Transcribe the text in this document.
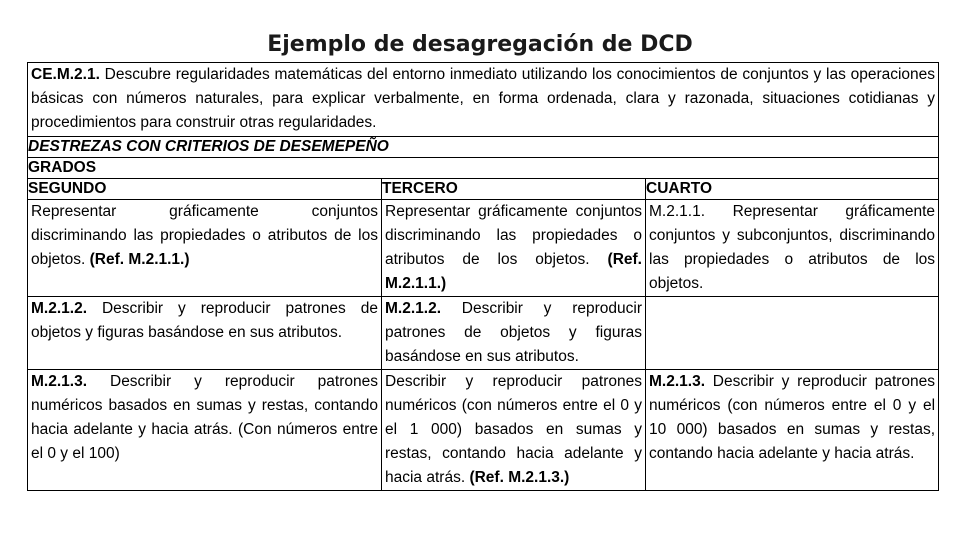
Ejemplo de desagregación de DCD
CE.M.2.1. Descubre regularidades matemáticas del entorno inmediato utilizando los conocimientos de conjuntos y las operaciones básicas con números naturales, para explicar verbalmente, en forma ordenada, clara y razonada, situaciones cotidianas y procedimientos para construir otras regularidades.		
DESTREZAS CON CRITERIOS DE DESEMEPEÑO		
GRADOS		
SEGUNDO	TERCERO	CUARTO
Representar gráficamente conjuntos discriminando las propiedades o atributos de los objetos. (Ref. M.2.1.1.)	Representar gráficamente conjuntos discriminando las propiedades o atributos de los objetos. (Ref. M.2.1.1.)	M.2.1.1. Representar gráficamente conjuntos y subconjuntos, discriminando las propiedades o atributos de los objetos.
M.2.1.2. Describir y reproducir patrones de objetos y figuras basándose en sus atributos.	M.2.1.2. Describir y reproducir patrones de objetos y figuras basándose en sus atributos.	
M.2.1.3. Describir y reproducir patrones numéricos basados en sumas y restas, contando hacia adelante y hacia atrás. (Con números entre el 0 y el 100)	Describir y reproducir patrones numéricos (con números entre el 0 y el 1 000) basados en sumas y restas, contando hacia adelante y hacia atrás. (Ref. M.2.1.3.)	M.2.1.3. Describir y reproducir patrones numéricos (con números entre el 0 y el 10 000) basados en sumas y restas, contando hacia adelante y hacia atrás.
